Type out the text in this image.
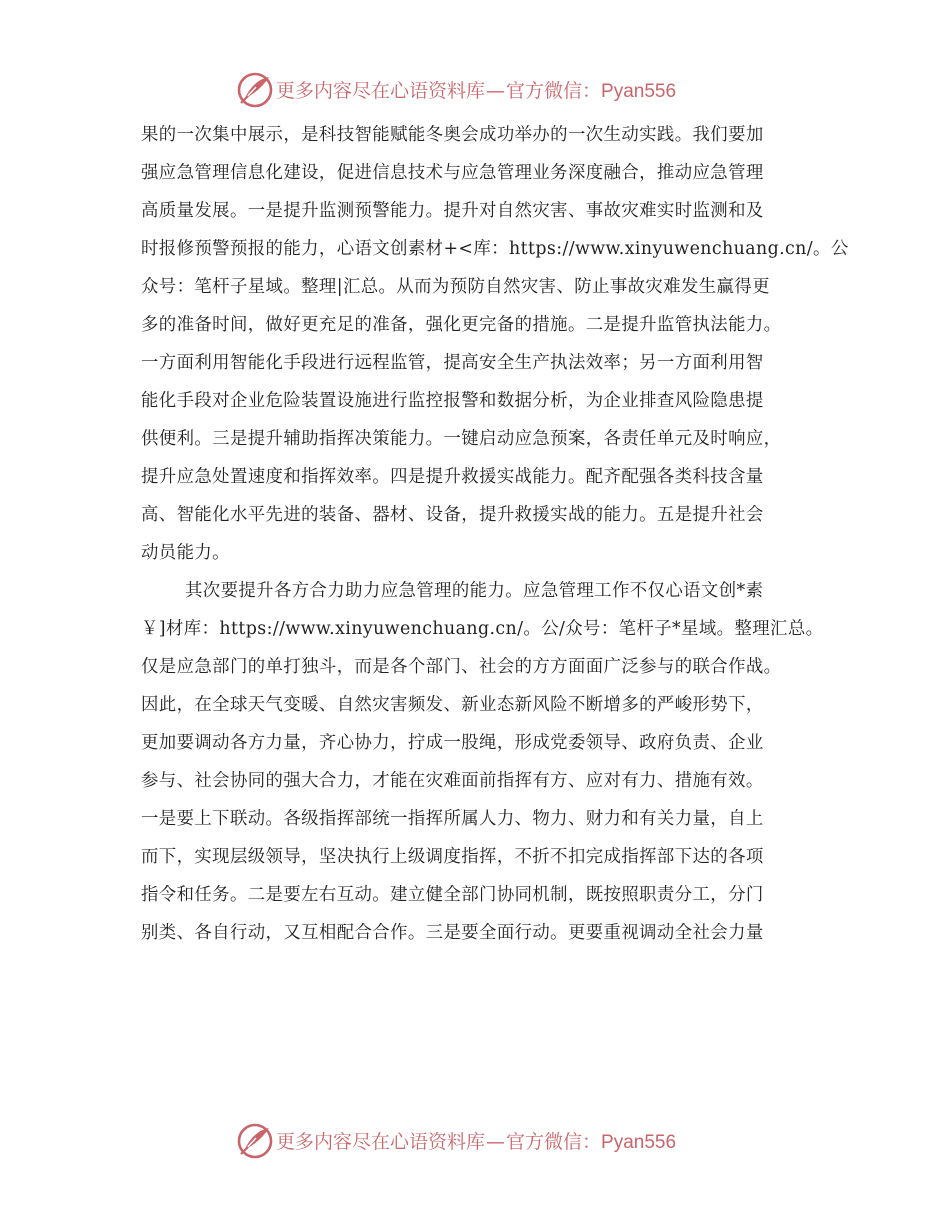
更多内容尽在心语资料库—官方微信：Pyan556
果的一次集中展示，是科技智能赋能冬奥会成功举办的一次生动实践。我们要加
强应急管理信息化建设，促进信息技术与应急管理业务深度融合，推动应急管理
高质量发展。一是提升监测预警能力。提升对自然灾害、事故灾难实时监测和及
时报修预警预报的能力，心语文创素材+<库：https://www.xinyuwenchuang.cn/。公
众号：笔杆子星域。整理|汇总。从而为预防自然灾害、防止事故灾难发生赢得更
多的准备时间，做好更充足的准备，强化更完备的措施。二是提升监管执法能力。
一方面利用智能化手段进行远程监管，提高安全生产执法效率；另一方面利用智
能化手段对企业危险装置设施进行监控报警和数据分析，为企业排查风险隐患提
供便利。三是提升辅助指挥决策能力。一键启动应急预案，各责任单元及时响应，
提升应急处置速度和指挥效率。四是提升救援实战能力。配齐配强各类科技含量
高、智能化水平先进的装备、器材、设备，提升救援实战的能力。五是提升社会
动员能力。
其次要提升各方合力助力应急管理的能力。应急管理工作不仅心语文创*素
￥]材库：https://www.xinyuwenchuang.cn/。公/众号：笔杆子*星域。整理汇总。
仅是应急部门的单打独斗，而是各个部门、社会的方方面面广泛参与的联合作战。
因此，在全球天气变暖、自然灾害频发、新业态新风险不断增多的严峻形势下，
更加要调动各方力量，齐心协力，拧成一股绳，形成党委领导、政府负责、企业
参与、社会协同的强大合力，才能在灾难面前指挥有方、应对有力、措施有效。
一是要上下联动。各级指挥部统一指挥所属人力、物力、财力和有关力量，自上
而下，实现层级领导，坚决执行上级调度指挥，不折不扣完成指挥部下达的各项
指令和任务。二是要左右互动。建立健全部门协同机制，既按照职责分工，分门
别类、各自行动，又互相配合合作。三是要全面行动。更要重视调动全社会力量
更多内容尽在心语资料库—官方微信：Pyan556
